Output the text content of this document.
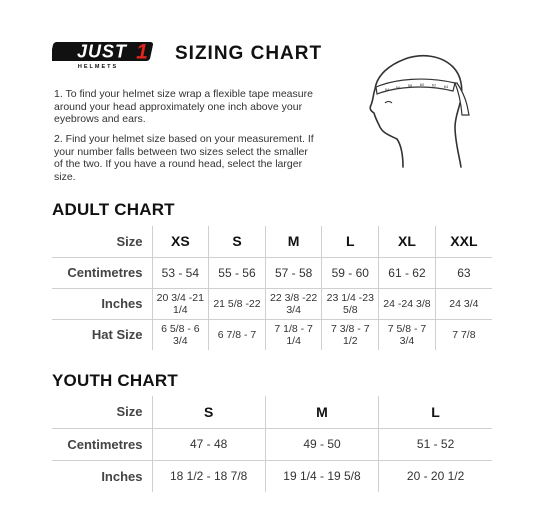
JUST 1
HELMETS
SIZING CHART
1. To find your helmet size wrap a flexible tape measure around your head approximately one inch above your eyebrows and ears.
2. Find your helmet size based on your measurement. If your number falls between two sizes select the smaller of the two. If you have a round head, select the larger size.
54 56 58 60 62 64
ADULT CHART
Size	XS	S	M	L	XL	XXL
Centimetres	53 - 54	55 - 56	57 - 58	59 - 60	61 - 62	63
Inches	20 3/4 -21 1/4	21 5/8 -22	22 3/8 -22 3/4	23 1/4 -23 5/8	24 -24 3/8	24 3/4
Hat Size	6 5/8 - 6 3/4	6 7/8 - 7	7 1/8 - 7 1/4	7 3/8 - 7 1/2	7 5/8 - 7 3/4	7 7/8
YOUTH CHART
Size	S	M	L
Centimetres	47 - 48	49 - 50	51 - 52
Inches	18 1/2 - 18 7/8	19 1/4 - 19 5/8	20 - 20 1/2
